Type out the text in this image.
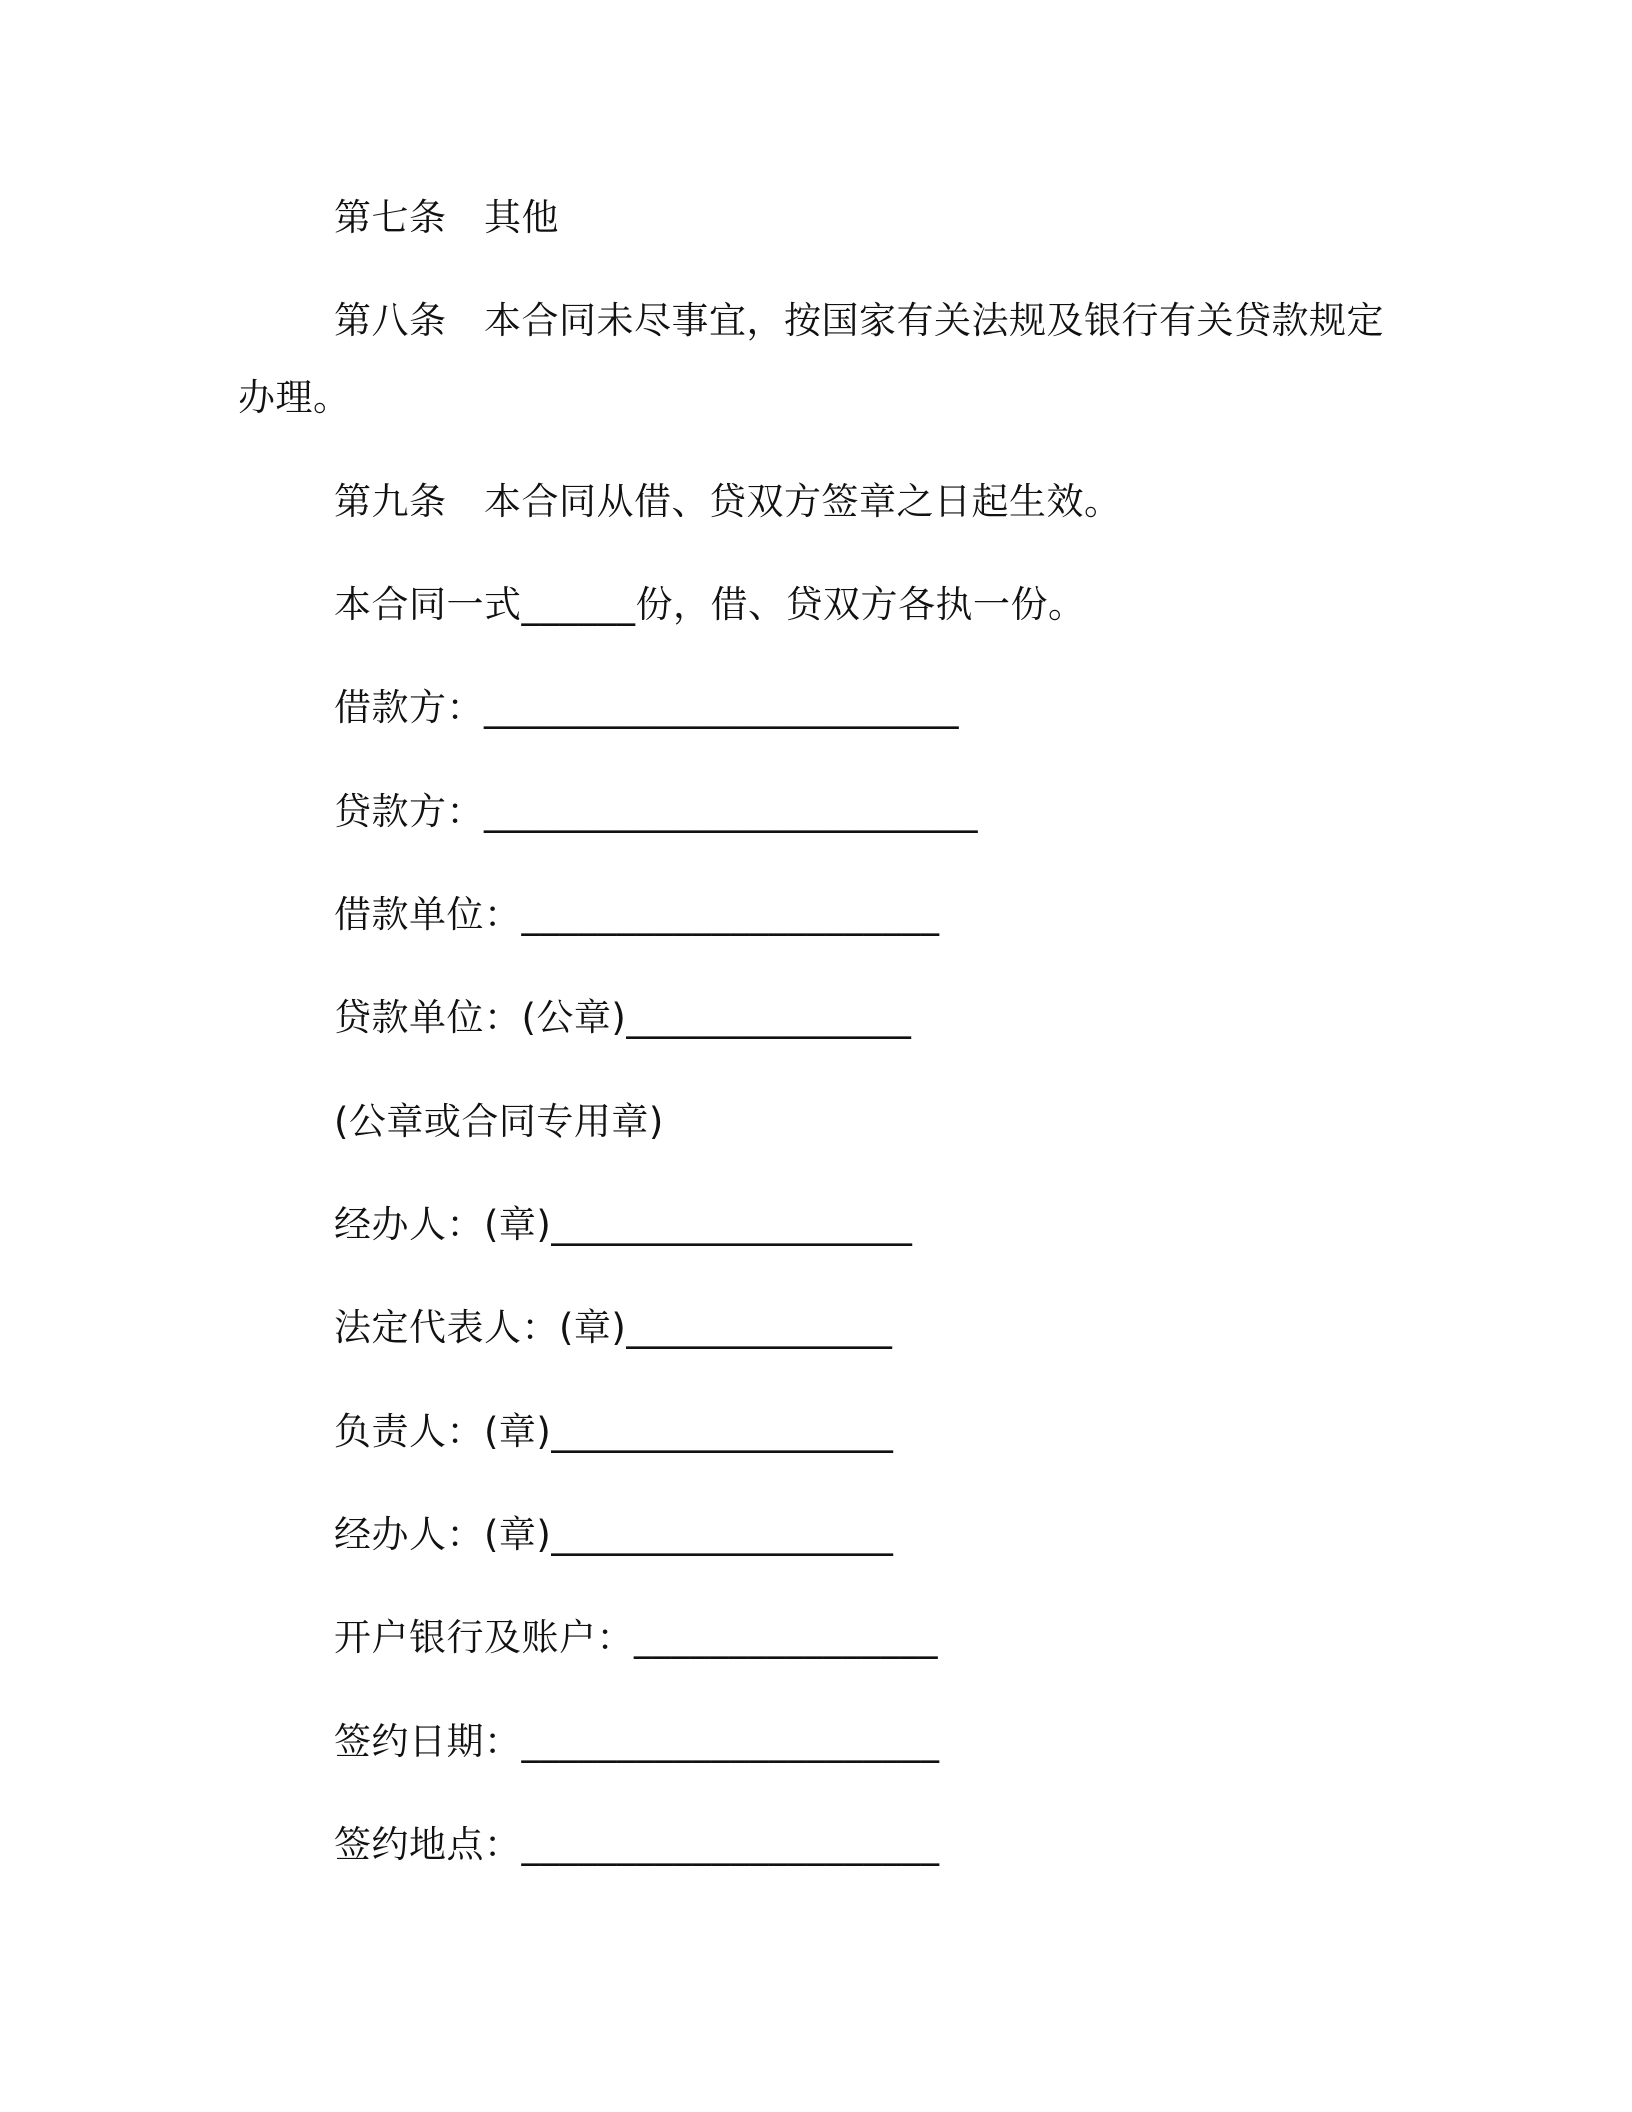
第七条　其他
第八条　本合同未尽事宜，按国家有关法规及银行有关贷款规定
办理。
第九条　本合同从借、贷双方签章之日起生效。
本合同一式______份，借、贷双方各执一份。
借款方：_________________________
贷款方：__________________________
借款单位：______________________
贷款单位：(公章)_______________
(公章或合同专用章)
经办人：(章)___________________
法定代表人：(章)______________
负责人：(章)__________________
经办人：(章)__________________
开户银行及账户：________________
签约日期：______________________
签约地点：______________________
